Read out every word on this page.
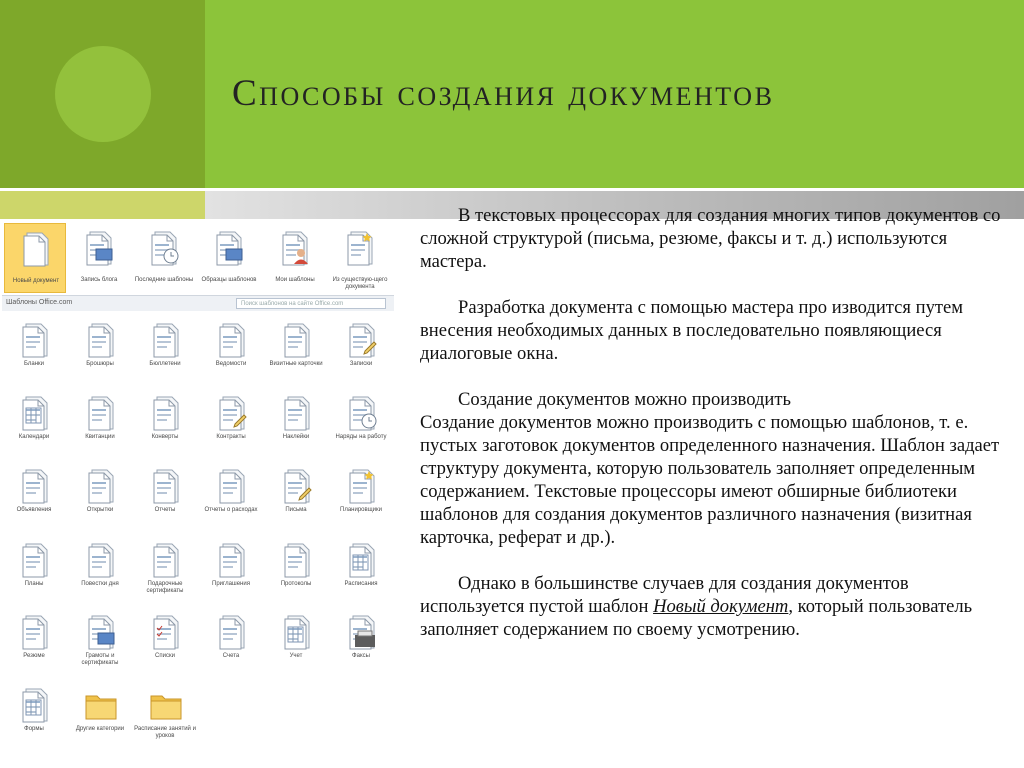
Способы создания документов
Новый документ	Запись блога	Последние шаблоны	Образцы шаблонов	Мои шаблоны	Из существую-щего документа
Шаблоны Office.com	Поиск шаблонов на сайте Office.com
Бланки	Брошюры	Бюллетени	Ведомости	Визитные карточки	Записки
Календари	Квитанции	Конверты	Контракты	Наклейки	Наряды на работу
Объявления	Открытки	Отчеты	Отчеты о расходах	Письма	Планировщики
Планы	Повестки дня	Подарочные сертификаты
Приглашения	Протоколы	Расписания
Резюме	Грамоты и сертификаты
Списки	Счета	Учет	Факсы
Формы	Другие категории	Расписание занятий и уроков

В текстовых процессорах для создания многих типов документов со сложной структурой (письма, резюме, факсы и т. д.) используются мастера.

Разработка документа с помощью мастера про изводится путем внесения необходимых данных в последовательно появляющиеся диалоговые окна.

Создание документов можно производить
Создание документов можно производить с помощью шаблонов, т. е. пустых заготовок документов определенного назначения. Шаблон задает структуру документа, которую пользователь заполняет определенным содержанием. Текстовые процессоры имеют обширные библиотеки шаблонов для создания документов различного назначения (визитная карточка, реферат и др.).

Однако в большинстве случаев для создания документов используется пустой шаблон Новый документ, который пользователь заполняет содержанием по своему усмотрению.
